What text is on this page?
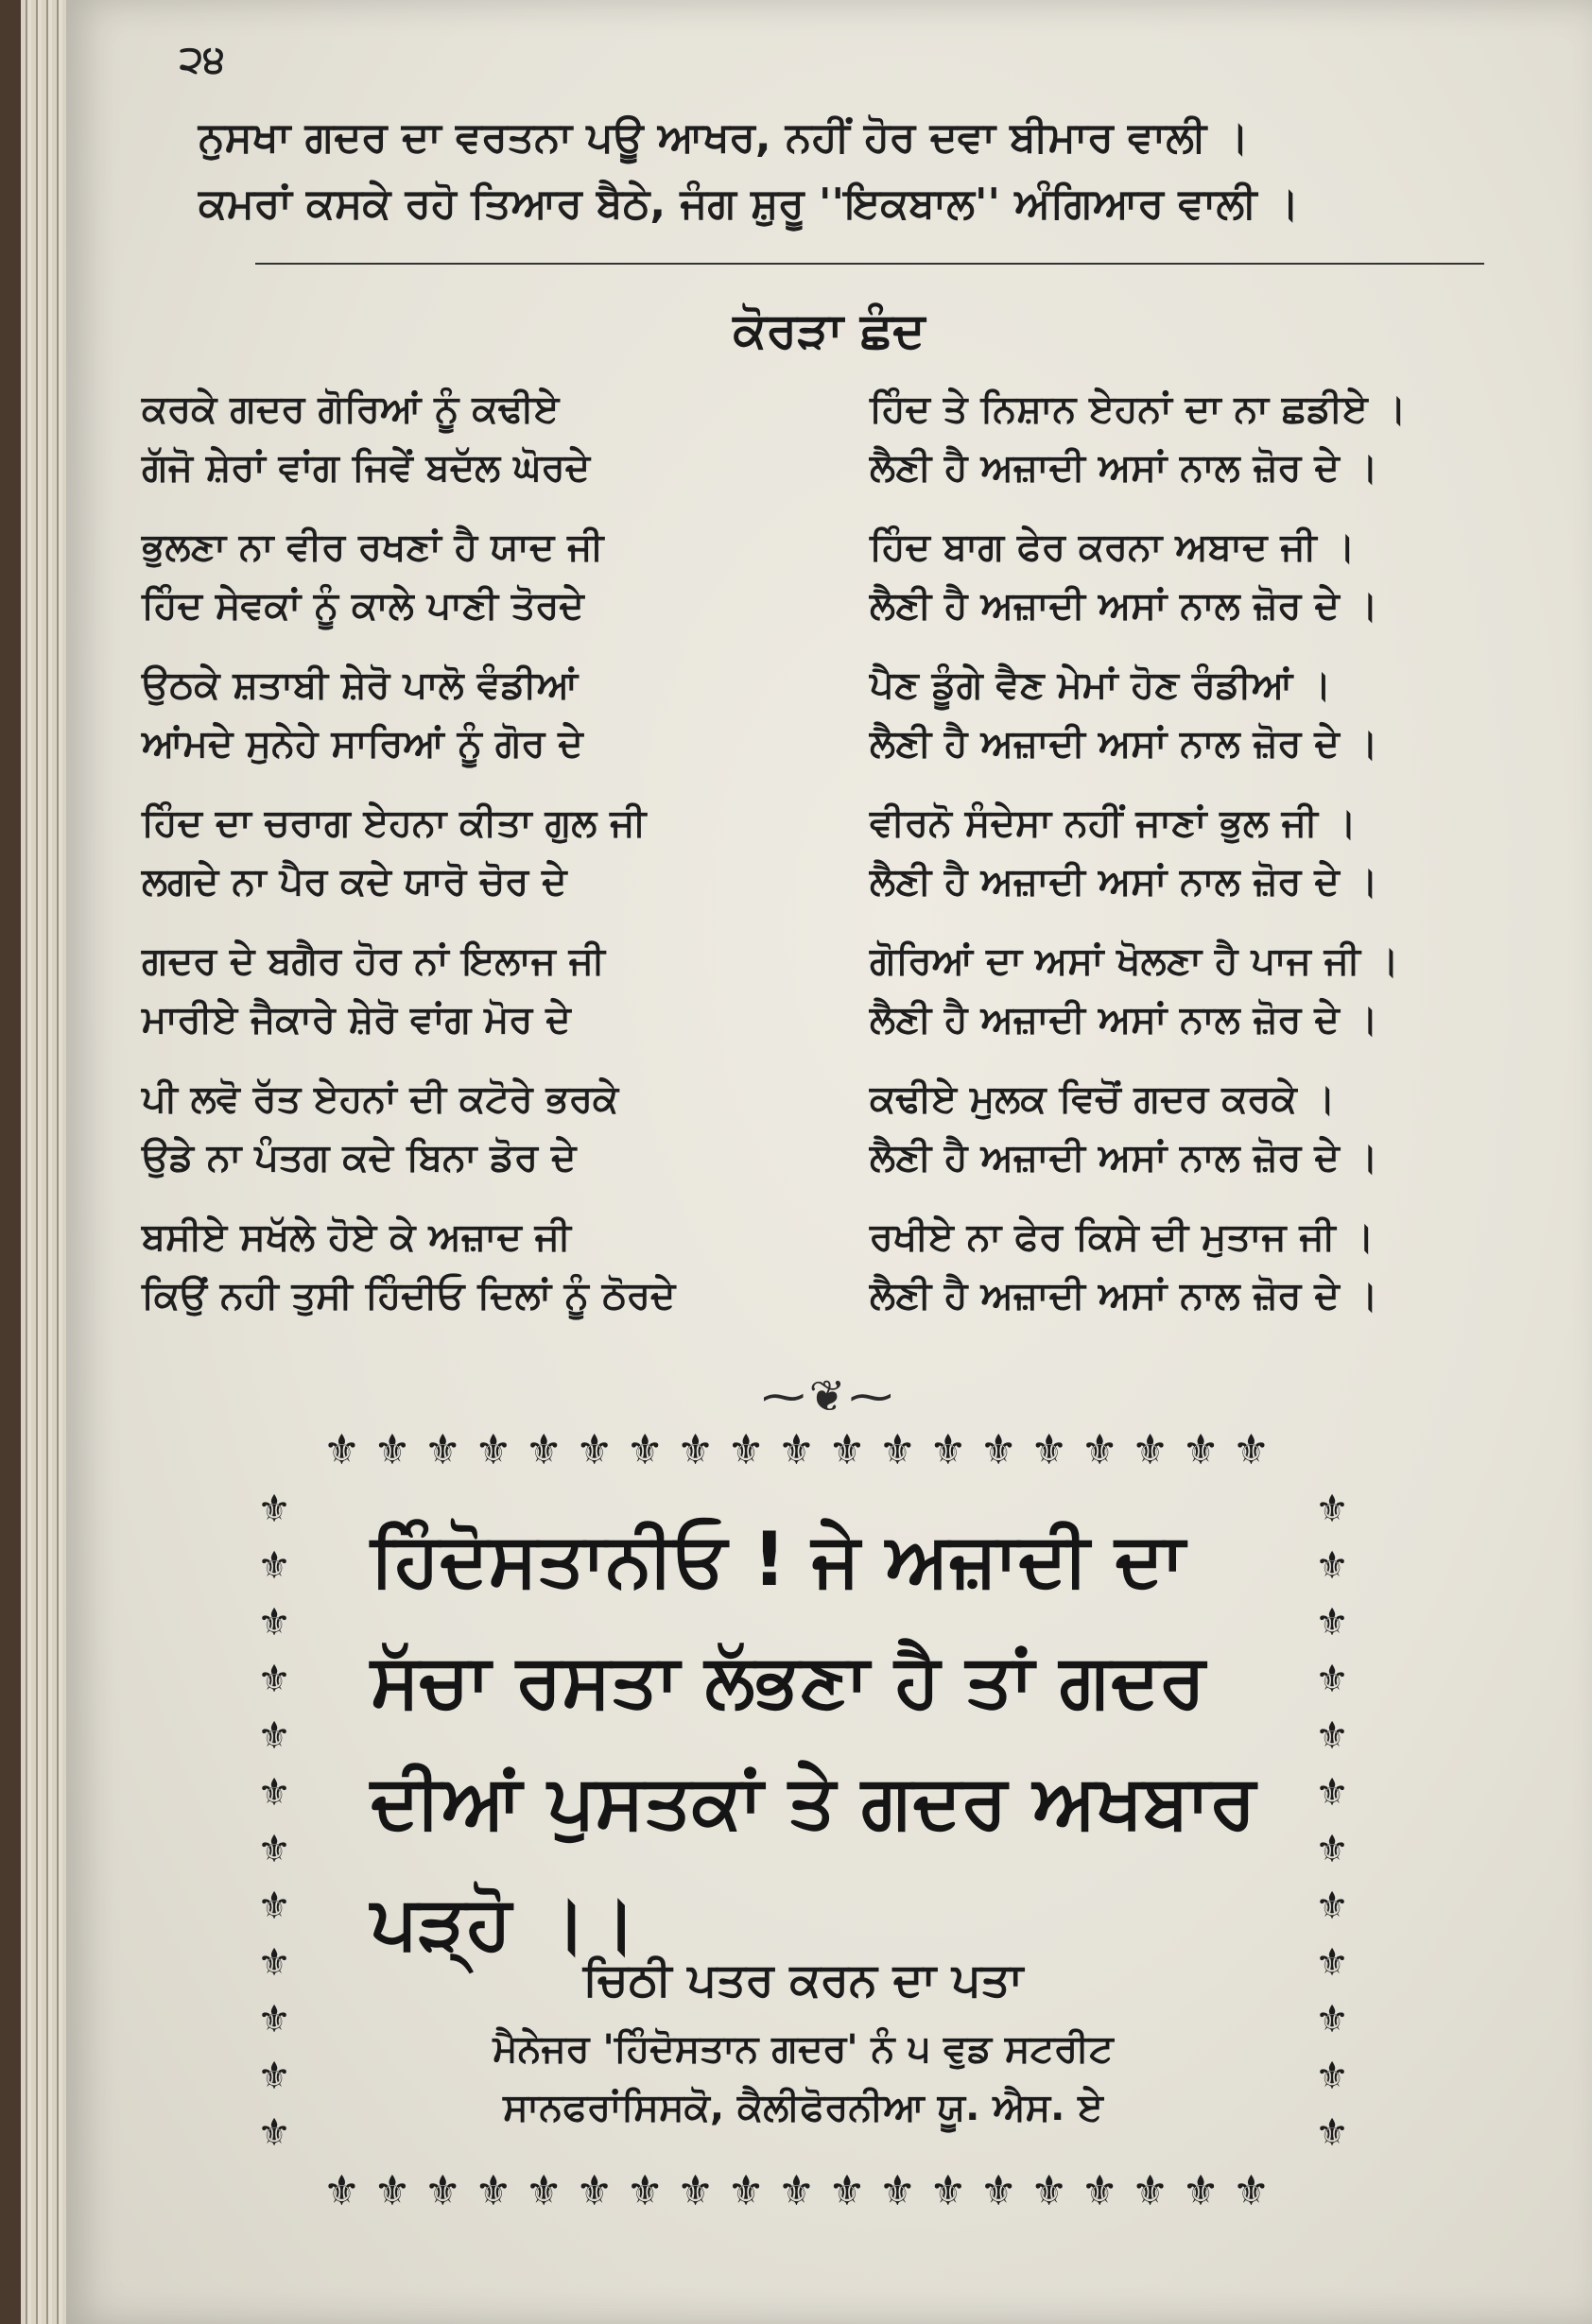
੨੪
ਨੁਸਖਾ ਗਦਰ ਦਾ ਵਰਤਨਾ ਪਊ ਆਖਰ, ਨਹੀਂ ਹੋਰ ਦਵਾ ਬੀਮਾਰ ਵਾਲੀ ।
ਕਮਰਾਂ ਕਸਕੇ ਰਹੋ ਤਿਆਰ ਬੈਠੇ, ਜੰਗ ਸ਼ੁਰੂ ''ਇਕਬਾਲ'' ਅੰਗਿਆਰ ਵਾਲੀ ।
ਕੋਰੜਾ ਛੰਦ
ਕਰਕੇ ਗਦਰ ਗੋਰਿਆਂ ਨੂੰ ਕਢੀਏ	ਹਿੰਦ ਤੇ ਨਿਸ਼ਾਨ ਏਹਨਾਂ ਦਾ ਨਾ ਛਡੀਏ ।
ਗੱਜੋ ਸ਼ੇਰਾਂ ਵਾਂਗ ਜਿਵੇਂ ਬਦੱਲ ਘੋਰਦੇ	ਲੈਣੀ ਹੈ ਅਜ਼ਾਦੀ ਅਸਾਂ ਨਾਲ ਜ਼ੋਰ ਦੇ ।
ਭੁਲਣਾ ਨਾ ਵੀਰ ਰਖਣਾਂ ਹੈ ਯਾਦ ਜੀ	ਹਿੰਦ ਬਾਗ ਫੇਰ ਕਰਨਾ ਅਬਾਦ ਜੀ ।
ਹਿੰਦ ਸੇਵਕਾਂ ਨੂੰ ਕਾਲੇ ਪਾਣੀ ਤੋਰਦੇ	ਲੈਣੀ ਹੈ ਅਜ਼ਾਦੀ ਅਸਾਂ ਨਾਲ ਜ਼ੋਰ ਦੇ ।
ਉਠਕੇ ਸ਼ਤਾਬੀ ਸ਼ੇਰੋ ਪਾਲੋ ਵੰਡੀਆਂ	ਪੈਣ ਡੂੰਗੇ ਵੈਣ ਮੇਮਾਂ ਹੋਣ ਰੰਡੀਆਂ ।
ਆਂਮਦੇ ਸੁਨੇਹੇ ਸਾਰਿਆਂ ਨੂੰ ਗੋਰ ਦੇ	ਲੈਣੀ ਹੈ ਅਜ਼ਾਦੀ ਅਸਾਂ ਨਾਲ ਜ਼ੋਰ ਦੇ ।
ਹਿੰਦ ਦਾ ਚਰਾਗ ਏਹਨਾ ਕੀਤਾ ਗੁਲ ਜੀ	ਵੀਰਨੋ ਸੰਦੇਸਾ ਨਹੀਂ ਜਾਣਾਂ ਭੁਲ ਜੀ ।
ਲਗਦੇ ਨਾ ਪੈਰ ਕਦੇ ਯਾਰੋ ਚੋਰ ਦੇ	ਲੈਣੀ ਹੈ ਅਜ਼ਾਦੀ ਅਸਾਂ ਨਾਲ ਜ਼ੋਰ ਦੇ ।
ਗਦਰ ਦੇ ਬਗੈਰ ਹੋਰ ਨਾਂ ਇਲਾਜ ਜੀ	ਗੋਰਿਆਂ ਦਾ ਅਸਾਂ ਖੋਲਣਾ ਹੈ ਪਾਜ ਜੀ ।
ਮਾਰੀਏ ਜੈਕਾਰੇ ਸ਼ੇਰੋ ਵਾਂਗ ਮੋਰ ਦੇ	ਲੈਣੀ ਹੈ ਅਜ਼ਾਦੀ ਅਸਾਂ ਨਾਲ ਜ਼ੋਰ ਦੇ ।
ਪੀ ਲਵੋ ਰੱਤ ਏਹਨਾਂ ਦੀ ਕਟੋਰੇ ਭਰਕੇ	ਕਢੀਏ ਮੁਲਕ ਵਿਚੋਂ ਗਦਰ ਕਰਕੇ ।
ਉਡੇ ਨਾ ਪੰਤਗ ਕਦੇ ਬਿਨਾ ਡੋਰ ਦੇ	ਲੈਣੀ ਹੈ ਅਜ਼ਾਦੀ ਅਸਾਂ ਨਾਲ ਜ਼ੋਰ ਦੇ ।
ਬਸੀਏ ਸਖੱਲੇ ਹੋਏ ਕੇ ਅਜ਼ਾਦ ਜੀ	ਰਖੀਏ ਨਾ ਫੇਰ ਕਿਸੇ ਦੀ ਮੁਤਾਜ ਜੀ ।
ਕਿਉਂ ਨਹੀ ਤੁਸੀ ਹਿੰਦੀਓ ਦਿਲਾਂ ਨੂੰ ਠੋਰਦੇ	ਲੈਣੀ ਹੈ ਅਜ਼ਾਦੀ ਅਸਾਂ ਨਾਲ ਜ਼ੋਰ ਦੇ ।
⁓❦⁓
⚜⚜⚜⚜⚜⚜⚜⚜⚜⚜⚜⚜⚜⚜⚜⚜⚜⚜⚜
⚜
⚜
⚜
⚜
⚜
⚜
⚜
⚜
⚜
⚜
⚜
⚜
⚜
⚜
⚜
⚜
⚜
⚜
⚜
⚜
⚜
⚜
⚜
⚜
⚜⚜⚜⚜⚜⚜⚜⚜⚜⚜⚜⚜⚜⚜⚜⚜⚜⚜⚜
ਹਿੰਦੋਸਤਾਨੀਓ ! ਜੇ ਅਜ਼ਾਦੀ ਦਾ
ਸੱਚਾ ਰਸਤਾ ਲੱਭਣਾ ਹੈ ਤਾਂ ਗਦਰ
ਦੀਆਂ ਪੁਸਤਕਾਂ ਤੇ ਗਦਰ ਅਖਬਾਰ
ਪੜ੍ਹੋ ।।
ਚਿਠੀ ਪਤਰ ਕਰਨ ਦਾ ਪਤਾ
ਮੈਨੇਜਰ 'ਹਿੰਦੋਸਤਾਨ ਗਦਰ' ਨੰ ੫ ਵੁਡ ਸਟਰੀਟ
ਸਾਨਫਰਾਂਸਿਸਕੋ, ਕੈਲੀਫੋਰਨੀਆ ਯੂ. ਐਸ. ਏ
